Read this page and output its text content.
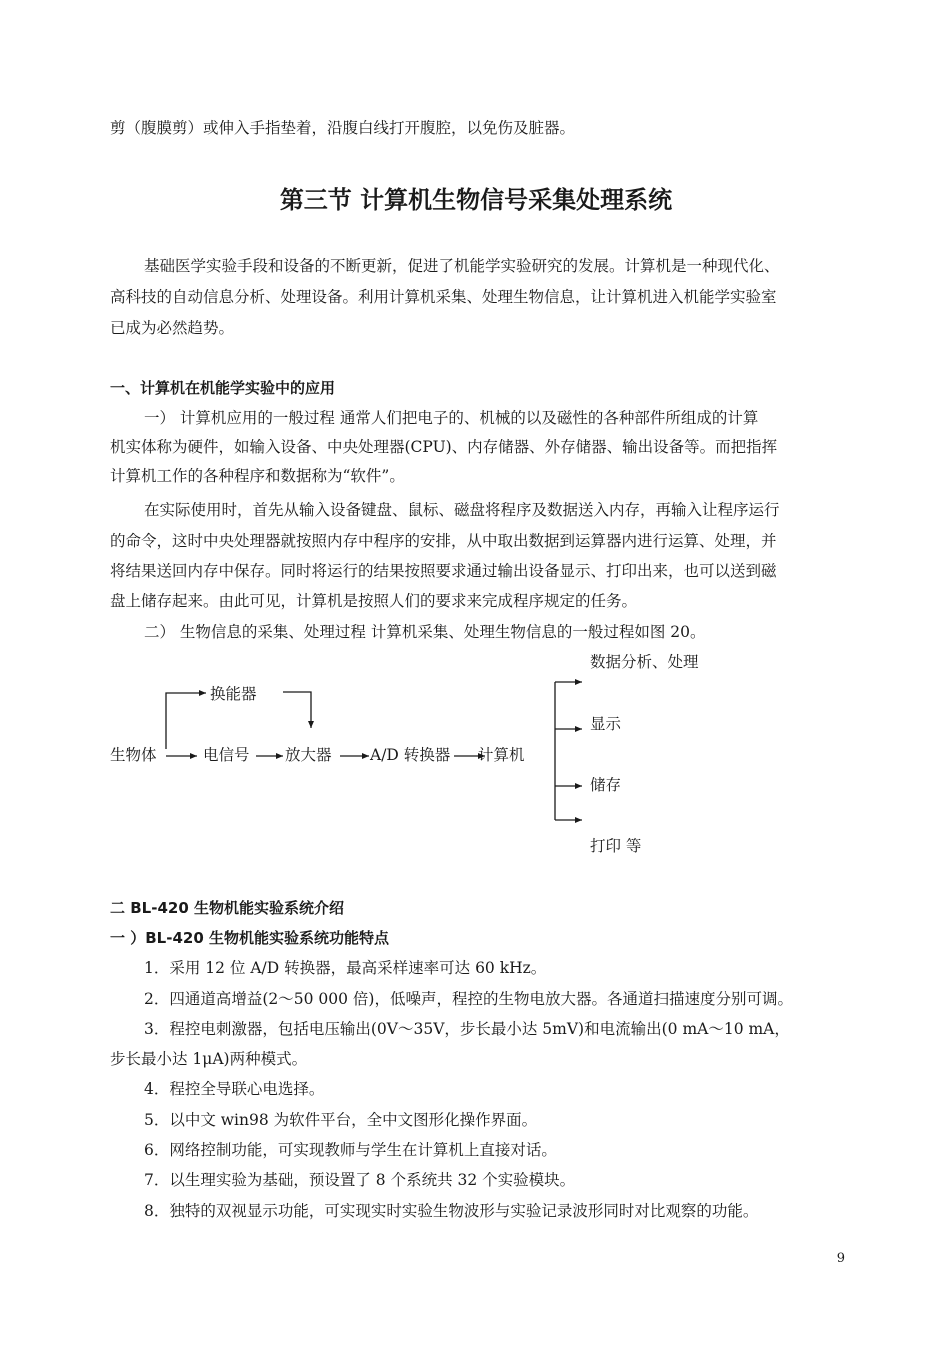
剪（腹膜剪）或伸入手指垫着，沿腹白线打开腹腔，以免伤及脏器。
第三节 计算机生物信号采集处理系统
基础医学实验手段和设备的不断更新，促进了机能学实验研究的发展。计算机是一种现代化、
高科技的自动信息分析、处理设备。利用计算机采集、处理生物信息，让计算机进入机能学实验室
已成为必然趋势。
一、计算机在机能学实验中的应用
一） 计算机应用的一般过程 通常人们把电子的、机械的以及磁性的各种部件所组成的计算
机实体称为硬件，如输入设备、中央处理器(CPU)、内存储器、外存储器、输出设备等。而把指挥
计算机工作的各种程序和数据称为“软件”。
在实际使用时，首先从输入设备键盘、鼠标、磁盘将程序及数据送入内存，再输入让程序运行
的命令，这时中央处理器就按照内存中程序的安排，从中取出数据到运算器内进行运算、处理，并
将结果送回内存中保存。同时将运行的结果按照要求通过输出设备显示、打印出来，也可以送到磁
盘上储存起来。由此可见，计算机是按照人们的要求来完成程序规定的任务。
二） 生物信息的采集、处理过程 计算机采集、处理生物信息的一般过程如图 20。
生物体	电信号
换能器
放大器 A/D 转换器 计算机
数据分析、处理
显示
储存
打印 等
二 BL-420 生物机能实验系统介绍
一 ）BL-420 生物机能实验系统功能特点
1．采用 12 位 A/D 转换器，最高采样速率可达 60 kHz。
2．四通道高增益(2～50 000 倍)，低噪声，程控的生物电放大器。各通道扫描速度分别可调。
3．程控电刺激器，包括电压输出(0V～35V，步长最小达 5mV)和电流输出(0 mA～10 mA，
步长最小达 1μA)两种模式。
4．程控全导联心电选择。
5．以中文 win98 为软件平台，全中文图形化操作界面。
6．网络控制功能，可实现教师与学生在计算机上直接对话。
7．以生理实验为基础，预设置了 8 个系统共 32 个实验模块。
8．独特的双视显示功能，可实现实时实验生物波形与实验记录波形同时对比观察的功能。
9
